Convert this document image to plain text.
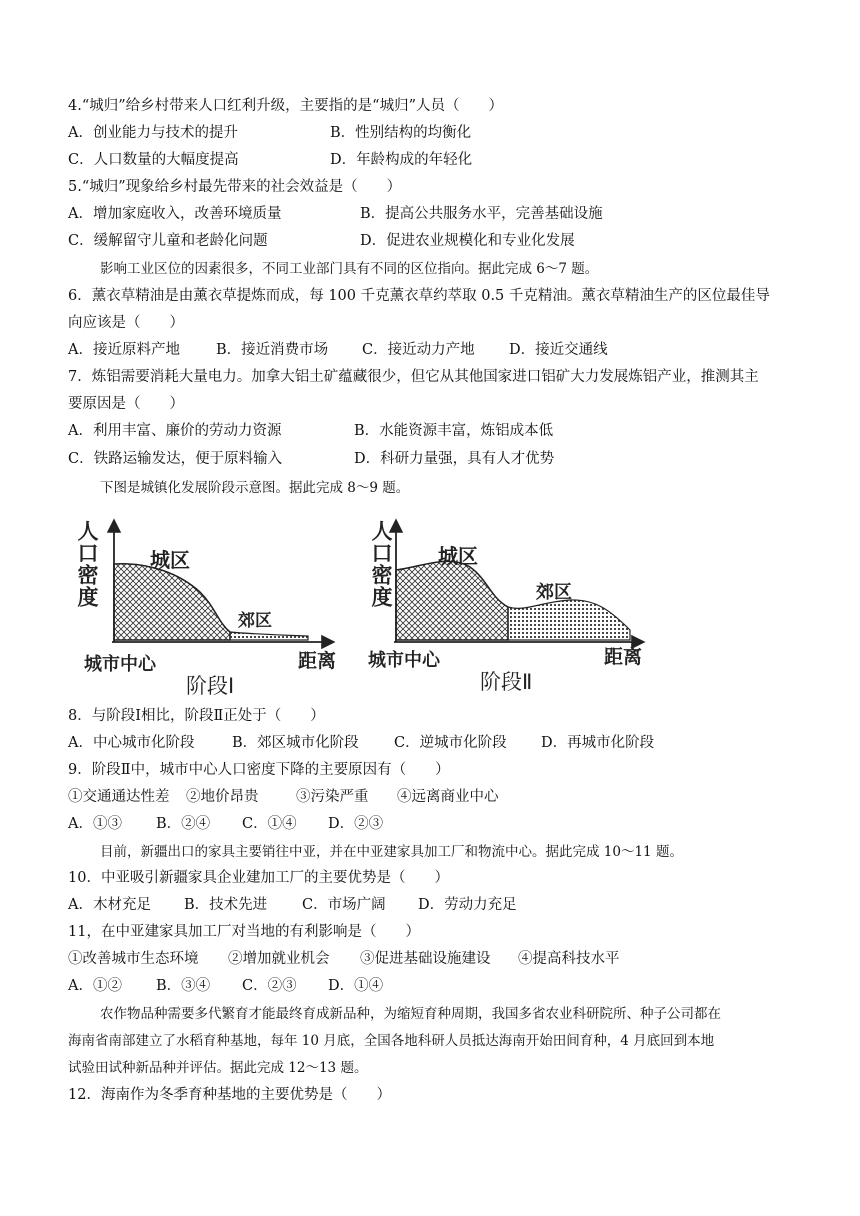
4.“城归”给乡村带来人口红利升级，主要指的是“城归”人员（　　）
A．创业能力与技术的提升	B．性别结构的均衡化
C．人口数量的大幅度提高	D．年龄构成的年轻化
5.“城归”现象给乡村最先带来的社会效益是（　　）
A．增加家庭收入，改善环境质量	B．提高公共服务水平，完善基础设施
C．缓解留守儿童和老龄化问题	D．促进农业规模化和专业化发展
影响工业区位的因素很多，不同工业部门具有不同的区位指向。据此完成 6～7 题。
6．薰衣草精油是由薰衣草提炼而成，每 100 千克薰衣草约萃取 0.5 千克精油。薰衣草精油生产的区位最佳导
向应该是（　　）
A．接近原料产地 B．接近消费市场 C．接近动力产地 D．接近交通线
7．炼铝需要消耗大量电力。加拿大铝土矿蕴藏很少，但它从其他国家进口铝矿大力发展炼铝产业，推测其主
要原因是（　　）
A．利用丰富、廉价的劳动力资源	B．水能资源丰富，炼铝成本低
C．铁路运输发达，便于原料输入	D．科研力量强，具有人才优势
下图是城镇化发展阶段示意图。据此完成 8～9 题。
人口密度	城区
郊区
城市中心	距离
阶段Ⅰ
人口密度 城区
郊区
城市中心	距离
阶段Ⅱ
8．与阶段Ⅰ相比，阶段Ⅱ正处于（　　）
A．中心城市化阶段	B．郊区城市化阶段 C．逆城市化阶段 D．再城市化阶段
9．阶段Ⅱ中，城市中心人口密度下降的主要原因有（　　）
①交通通达性差 ②地价昂贵	③污染严重 ④远离商业中心
A．①③ B．②④ C．①④ D．②③
目前，新疆出口的家具主要销往中亚，并在中亚建家具加工厂和物流中心。据此完成 10～11 题。
10．中亚吸引新疆家具企业建加工厂的主要优势是（　　）
A．木材充足 B．技术先进 C．市场广阔 D．劳动力充足
11，在中亚建家具加工厂对当地的有利影响是（　　）
①改善城市生态环境 ②增加就业机会 ③促进基础设施建设 ④提高科技水平
A．①② B．③④ C．②③ D．①④
农作物品种需要多代繁育才能最终育成新品种，为缩短育种周期，我国多省农业科研院所、种子公司都在
海南省南部建立了水稻育种基地，每年 10 月底，全国各地科研人员抵达海南开始田间育种，4 月底回到本地
试验田试种新品种并评估。据此完成 12～13 题。
12．海南作为冬季育种基地的主要优势是（　　）
